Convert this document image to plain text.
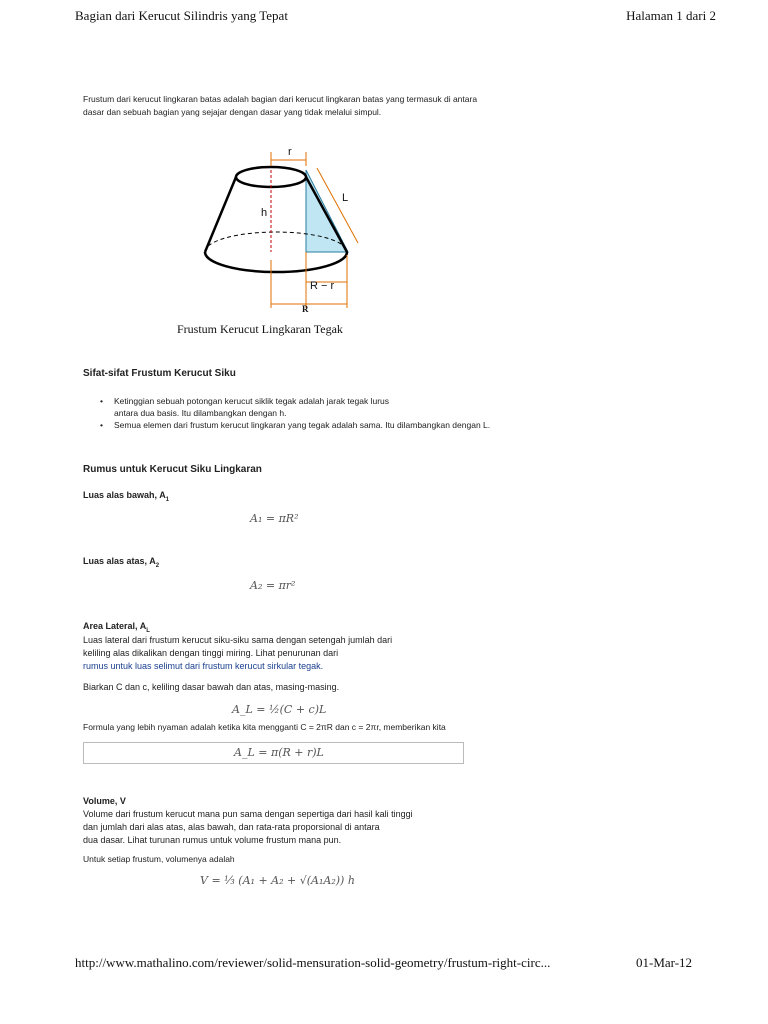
Bagian dari Kerucut Silindris yang Tepat	Halaman 1 dari 2
Frustum dari kerucut lingkaran batas adalah bagian dari kerucut lingkaran batas yang termasuk di antara
dasar dan sebuah bagian yang sejajar dengan dasar yang tidak melalui simpul.
r
L
h
R − r
R
Frustum Kerucut Lingkaran Tegak
Sifat-sifat Frustum Kerucut Siku
• Ketinggian sebuah potongan kerucut siklik tegak adalah jarak tegak lurus
antara dua basis. Itu dilambangkan dengan h.
• Semua elemen dari frustum kerucut lingkaran yang tegak adalah sama. Itu dilambangkan dengan L.
Rumus untuk Kerucut Siku Lingkaran
Luas alas bawah, $A_1$
A₁ = πR²
Luas alas atas, $A_2$
A₂ = πr²
Area Lateral, $A_L$
Luas lateral dari frustum kerucut siku-siku sama dengan setengah jumlah dari
keliling alas dikalikan dengan tinggi miring. Lihat penurunan dari
rumus untuk luas selimut dari frustum kerucut sirkular tegak.
Biarkan C dan c, keliling dasar bawah dan atas, masing-masing.
A_L = ½(C + c)L
Formula yang lebih nyaman adalah ketika kita mengganti C = 2πR dan c = 2πr, memberikan kita
A_L = π(R + r)L
Volume, V
Volume dari frustum kerucut mana pun sama dengan sepertiga dari hasil kali tinggi
dan jumlah dari alas atas, alas bawah, dan rata-rata proporsional di antara
dua dasar. Lihat turunan rumus untuk volume frustum mana pun.
Untuk setiap frustum, volumenya adalah
V = ⅓ (A₁ + A₂ + √(A₁A₂)) h
http://www.mathalino.com/reviewer/solid-mensuration-solid-geometry/frustum-right-circ...	01-Mar-12
